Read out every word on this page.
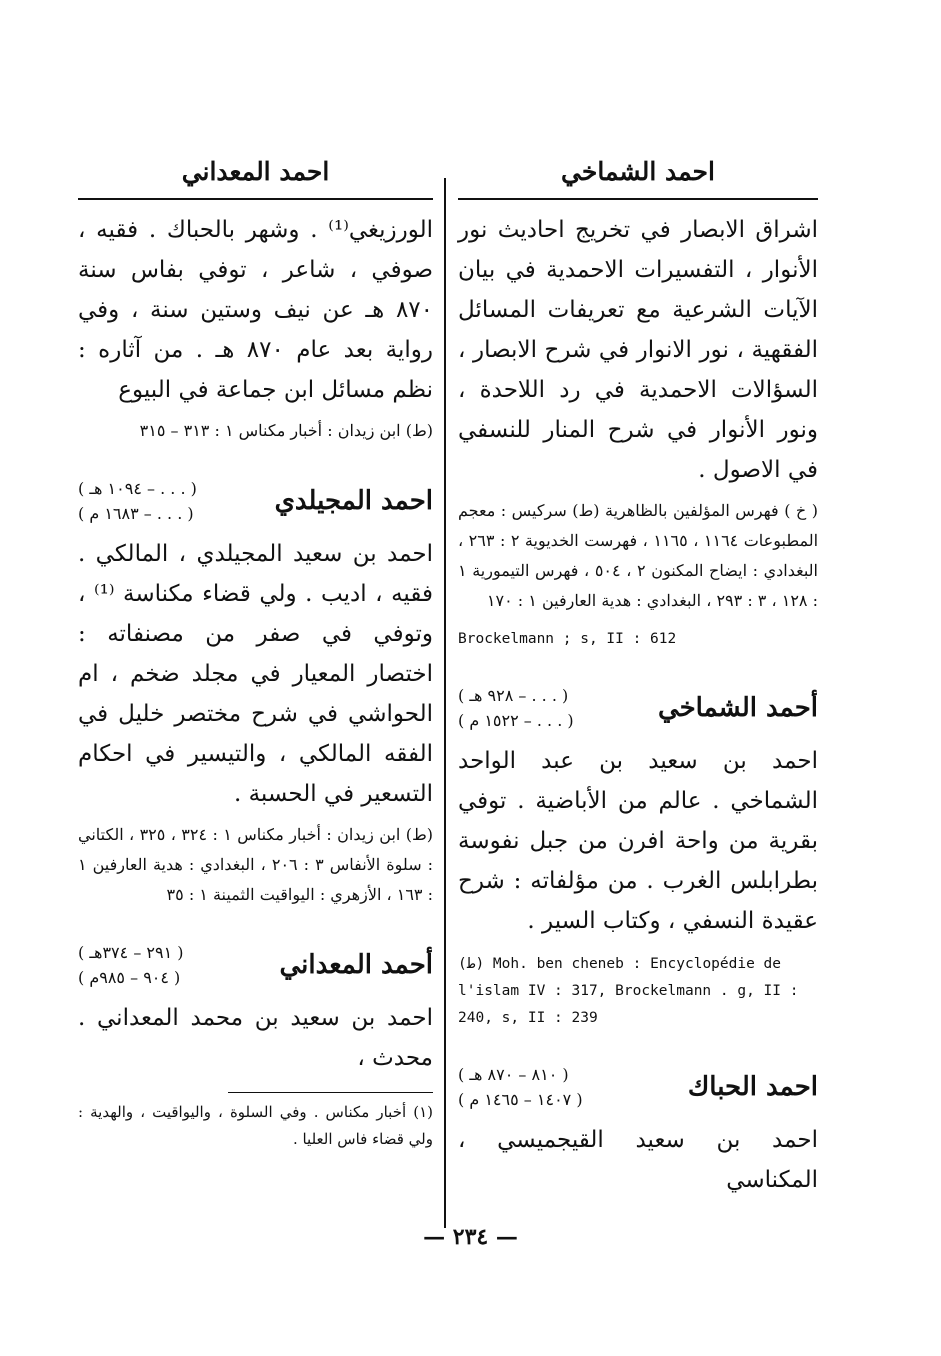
احمد الشماخي

اشراق الابصار في تخريج احاديث نور الأنوار ، التفسيرات الاحمدية في بيان الآيات الشرعية مع تعريفات المسائل الفقهية ، نور الانوار في شرح الابصار ، السؤالات الاحمدية في رد اللاحدة ، ونور الأنوار في شرح المنار للنسفي في الاصول .

( خ ) فهرس المؤلفين بالظاهرية (ط) سركيس : معجم المطبوعات ١١٦٤ ، ١١٦٥ ، فهرست الخديوية ٢ : ٢٦٣ ، البغدادي : ايضاح المكنون ٢ ، ٥٠٤ ، فهرس التيمورية ١ : ١٢٨ ، ٣ : ٢٩٣ ، البغدادي : هدية العارفين ١ : ١٧٠

Brockelmann ; s, II : 612

أحمد الشماخي
( . . . – ٩٢٨ هـ )
( . . . – ١٥٢٢ م )

احمد بن سعيد بن عبد الواحد الشماخي . عالم من الأباضية . توفي بقرية من واحة افرن من جبل نفوسة بطرابلس الغرب . من مؤلفاته : شرح عقيدة النسفي ، وكتاب السير .

(ط) Moh. ben cheneb : Encyclopédie de l'islam IV : 317, Brockelmann . g, II : 240, s, II : 239

احمد الحباك
( ٨١٠ – ٨٧٠ هـ )
( ١٤٠٧ – ١٤٦٥ م )

احمد بن سعيد القيجميسي ، المكناسي

احمد المعداني

الورزيغي⁽¹⁾ . وشهر بالحباك . فقيه ، صوفي ، شاعر ، توفي بفاس سنة ٨٧٠ هـ عن نيف وستين سنة ، وفي رواية بعد عام ٨٧٠ هـ . من آثاره : نظم مسائل ابن جماعة في البيوع

(ط) ابن زيدان : أخبار مكناس ١ : ٣١٣ – ٣١٥

احمد المجيلدي
( . . . – ١٠٩٤ هـ )
( . . . – ١٦٨٣ م )

احمد بن سعيد المجيلدي ، المالكي . فقيه ، اديب . ولي قضاء مكناسة ⁽¹⁾ ، وتوفي في صفر من مصنفاته : اختصار المعيار في مجلد ضخم ، ام الحواشي في شرح مختصر خليل في الفقه المالكي ، والتيسير في احكام التسعير في الحسبة .

(ط) ابن زيدان : أخبار مكناس ١ : ٣٢٤ ، ٣٢٥ ، الكتاني : سلوة الأنفاس ٣ : ٢٠٦ ، البغدادي : هدية العارفين ١ : ١٦٣ ، الأزهري : اليواقيت الثمينة ١ : ٣٥

أحمد المعداني
( ٢٩١ – ٣٧٤هـ )
( ٩٠٤ – ٩٨٥م )

احمد بن سعيد بن محمد المعداني . محدث ،

(١) أخبار مكناس . وفي السلوة ، واليواقيت ، والهدية : ولي قضاء فاس العليا .

— ٢٣٤ —
